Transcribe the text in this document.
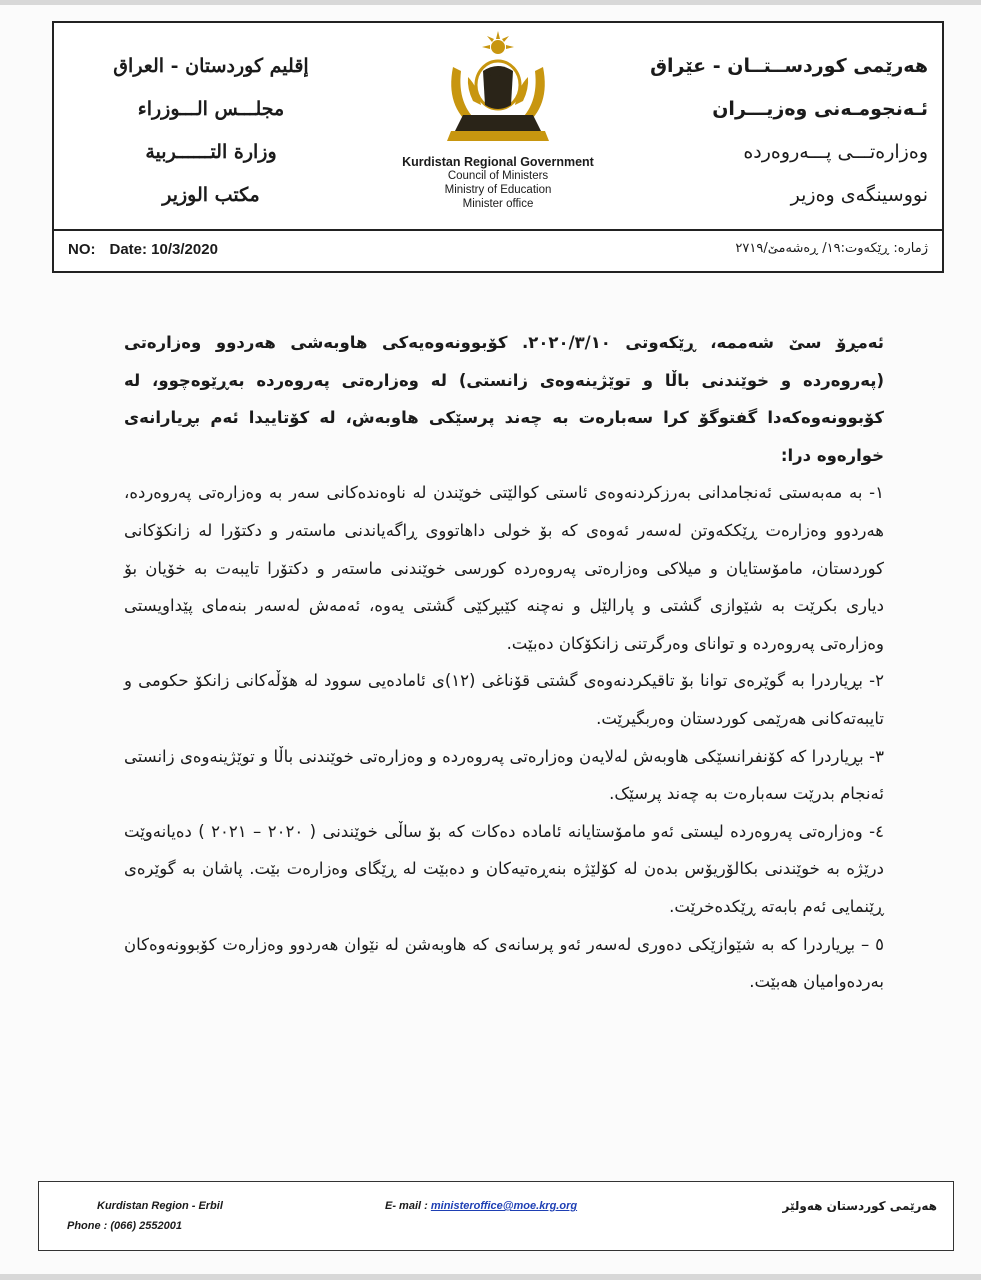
إقليم كوردستان - العراق
مجلـــس الـــوزراء
وزارة التــــــربية
مكتب الوزير
Kurdistan Regional Government
Council of Ministers
Ministry of Education
Minister office
هەرێمی کوردســتــان - عێراق
ئـەنجومـەنی وەزیـــران
وەزارەتـــی پـــەروەردە
نووسینگەی وەزیر
NO: Date: 10/3/2020	ژمارە: ڕێکەوت:١٩/ ڕەشەمێ/٢٧١٩

ئەمڕۆ سێ شەممە، ڕێکەوتی ٢٠٢٠/٣/١٠. کۆبوونەوەیەکی هاوبەشی هەردوو وەزارەتی (پەروەردە و خوێندنی باڵا و توێژینەوەی زانستی) لە وەزارەتی پەروەردە بەڕێوەچوو، لە کۆبوونەوەکەدا گفتوگۆ کرا سەبارەت بە چەند پرسێکی هاوبەش، لە کۆتاییدا ئەم بڕیارانەی خوارەوە درا:

١- بە مەبەستی ئەنجامدانی بەرزکردنەوەی ئاستی کوالێتی خوێندن لە ناوەندەکانی سەر بە وەزارەتی پەروەردە، هەردوو وەزارەت ڕێککەوتن لەسەر ئەوەی کە بۆ خولی داهاتووی ڕاگەیاندنی ماستەر و دکتۆرا لە زانکۆکانی کوردستان، مامۆستایان و میلاکی وەزارەتی پەروەردە کورسی خوێندنی ماستەر و دکتۆرا تایبەت بە خۆیان بۆ دیاری بکرێت بە شێوازی گشتی و پارالێل و نەچنە کێبڕکێی گشتی یەوە، ئەمەش لەسەر بنەمای پێداویستی وەزارەتی پەروەردە و توانای وەرگرتنی زانکۆکان دەبێت.

٢- بڕیاردرا بە گوێرەی توانا بۆ تاقیکردنەوەی گشتی قۆناغی (١٢)ی ئامادەیی سوود لە هۆڵەکانی زانکۆ حکومی و تایبەتەکانی هەرێمی کوردستان وەربگیرێت.

٣- بڕیاردرا کە کۆنفرانسێکی هاوبەش لەلایەن وەزارەتی پەروەردە و وەزارەتی خوێندنی باڵا و توێژینەوەی زانستی ئەنجام بدرێت سەبارەت بە چەند پرسێک.

٤- وەزارەتی پەروەردە لیستی ئەو مامۆستایانە ئامادە دەکات کە بۆ ساڵی خوێندنی ( ٢٠٢٠ – ٢٠٢١ ) دەیانەوێت درێژە بە خوێندنی بکالۆریۆس بدەن لە کۆلێژە بنەڕەتیەکان و دەبێت لە ڕێگای وەزارەت بێت. پاشان بە گوێرەی ڕێنمایی ئەم بابەتە ڕێکدەخرێت.

٥ – بڕیاردرا کە بە شێوازێکی دەوری لەسەر ئەو پرسانەی کە هاوبەشن لە نێوان هەردوو وەزارەت کۆبوونەوەکان بەردەوامیان هەبێت.

Kurdistan Region - Erbil
Phone : (066) 2552001
E- mail : ministeroffice@moe.krg.org	هەرێمی کوردستان هەولێر
